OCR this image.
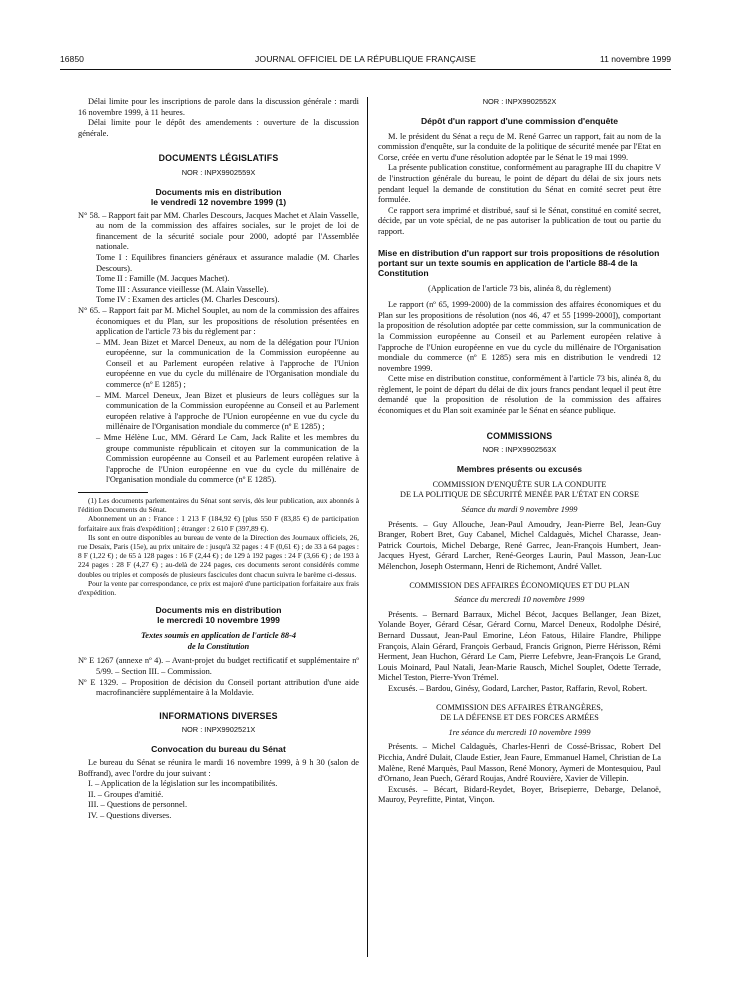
16850	JOURNAL OFFICIEL DE LA RÉPUBLIQUE FRANÇAISE	11 novembre 1999

Délai limite pour les inscriptions de parole dans la discussion générale : mardi 16 novembre 1999, à 11 heures.

Délai limite pour le dépôt des amendements : ouverture de la discussion générale.

DOCUMENTS LÉGISLATIFS
NOR : INPX9902559X
Documents mis en distribution
le vendredi 12 novembre 1999 (1)

N° 58. – Rapport fait par MM. Charles Descours, Jacques Machet et Alain Vasselle, au nom de la commission des affaires sociales, sur le projet de loi de financement de la sécurité sociale pour 2000, adopté par l'Assemblée nationale.

Tome I : Equilibres financiers généraux et assurance maladie (M. Charles Descours).

Tome II : Famille (M. Jacques Machet).

Tome III : Assurance vieillesse (M. Alain Vasselle).

Tome IV : Examen des articles (M. Charles Descours).

N° 65. – Rapport fait par M. Michel Souplet, au nom de la commission des affaires économiques et du Plan, sur les propositions de résolution présentées en application de l'article 73 bis du règlement par :

– MM. Jean Bizet et Marcel Deneux, au nom de la délégation pour l'Union européenne, sur la communication de la Commission européenne au Conseil et au Parlement européen relative à l'approche de l'Union européenne en vue du cycle du millénaire de l'Organisation mondiale du commerce (nº E 1285) ;

– MM. Marcel Deneux, Jean Bizet et plusieurs de leurs collègues sur la communication de la Commission européenne au Conseil et au Parlement européen relative à l'approche de l'Union européenne en vue du cycle du millénaire de l'Organisation mondiale du commerce (nº E 1285) ;

– Mme Hélène Luc, MM. Gérard Le Cam, Jack Ralite et les membres du groupe communiste républicain et citoyen sur la communication de la Commission européenne au Conseil et au Parlement européen relative à l'approche de l'Union européenne en vue du cycle du millénaire de l'Organisation mondiale du commerce (nº E 1285).

(1) Les documents parlementaires du Sénat sont servis, dès leur publication, aux abonnés à l'édition Documents du Sénat.

Abonnement un an : France : 1 213 F (184,92 €) [plus 550 F (83,85 €) de participation forfaitaire aux frais d'expédition] ; étranger : 2 610 F (397,89 €).

Ils sont en outre disponibles au bureau de vente de la Direction des Journaux officiels, 26, rue Desaix, Paris (15e), au prix unitaire de : jusqu'à 32 pages : 4 F (0,61 €) ; de 33 à 64 pages : 8 F (1,22 €) ; de 65 à 128 pages : 16 F (2,44 €) ; de 129 à 192 pages : 24 F (3,66 €) ; de 193 à 224 pages : 28 F (4,27 €) ; au-delà de 224 pages, ces documents seront considérés comme doubles ou triples et composés de plusieurs fascicules dont chacun suivra le barème ci-dessus.

Pour la vente par correspondance, ce prix est majoré d'une participation forfaitaire aux frais d'expédition.

Documents mis en distribution
le mercredi 10 novembre 1999
Textes soumis en application de l'article 88-4
de la Constitution

Nº E 1267 (annexe nº 4). – Avant-projet du budget rectificatif et supplémentaire nº 5/99. – Section III. – Commission.

Nº E 1329. – Proposition de décision du Conseil portant attribution d'une aide macrofinancière supplémentaire à la Moldavie.

INFORMATIONS DIVERSES
NOR : INPX9902521X
Convocation du bureau du Sénat

Le bureau du Sénat se réunira le mardi 16 novembre 1999, à 9 h 30 (salon de Boffrand), avec l'ordre du jour suivant :

I. – Application de la législation sur les incompatibilités.

II. – Groupes d'amitié.

III. – Questions de personnel.

IV. – Questions diverses.

NOR : INPX9902552X
Dépôt d'un rapport d'une commission d'enquête

M. le président du Sénat a reçu de M. René Garrec un rapport, fait au nom de la commission d'enquête, sur la conduite de la politique de sécurité menée par l'Etat en Corse, créée en vertu d'une résolution adoptée par le Sénat le 19 mai 1999.

La présente publication constitue, conformément au paragraphe III du chapitre V de l'instruction générale du bureau, le point de départ du délai de six jours nets pendant lequel la demande de constitution du Sénat en comité secret peut être formulée.

Ce rapport sera imprimé et distribué, sauf si le Sénat, constitué en comité secret, décide, par un vote spécial, de ne pas autoriser la publication de tout ou partie du rapport.

Mise en distribution d'un rapport sur trois propositions de résolution portant sur un texte soumis en application de l'article 88-4 de la Constitution
(Application de l'article 73 bis, alinéa 8, du règlement)

Le rapport (nº 65, 1999-2000) de la commission des affaires économiques et du Plan sur les propositions de résolution (nos 46, 47 et 55 [1999-2000]), comportant la proposition de résolution adoptée par cette commission, sur la communication de la Commission européenne au Conseil et au Parlement européen relative à l'approche de l'Union européenne en vue du cycle du millénaire de l'Organisation mondiale du commerce (nº E 1285) sera mis en distribution le vendredi 12 novembre 1999.

Cette mise en distribution constitue, conformément à l'article 73 bis, alinéa 8, du règlement, le point de départ du délai de dix jours francs pendant lequel il peut être demandé que la proposition de résolution de la commission des affaires économiques et du Plan soit examinée par le Sénat en séance publique.

COMMISSIONS
NOR : INPX9902563X
Membres présents ou excusés
COMMISSION D'ENQUÊTE SUR LA CONDUITE
DE LA POLITIQUE DE SÉCURITÉ MENÉE PAR L'ÉTAT EN CORSE
Séance du mardi 9 novembre 1999

Présents. – Guy Allouche, Jean-Paul Amoudry, Jean-Pierre Bel, Jean-Guy Branger, Robert Bret, Guy Cabanel, Michel Caldaguès, Michel Charasse, Jean-Patrick Courtois, Michel Debarge, René Garrec, Jean-François Humbert, Jean-Jacques Hyest, Gérard Larcher, René-Georges Laurin, Paul Masson, Jean-Luc Mélenchon, Joseph Ostermann, Henri de Richemont, André Vallet.

COMMISSION DES AFFAIRES ÉCONOMIQUES ET DU PLAN
Séance du mercredi 10 novembre 1999

Présents. – Bernard Barraux, Michel Bécot, Jacques Bellanger, Jean Bizet, Yolande Boyer, Gérard César, Gérard Cornu, Marcel Deneux, Rodolphe Désiré, Bernard Dussaut, Jean-Paul Emorine, Léon Fatous, Hilaire Flandre, Philippe François, Alain Gérard, François Gerbaud, Francis Grignon, Pierre Hérisson, Rémi Herment, Jean Huchon, Gérard Le Cam, Pierre Lefebvre, Jean-François Le Grand, Louis Moinard, Paul Natali, Jean-Marie Rausch, Michel Souplet, Odette Terrade, Michel Teston, Pierre-Yvon Trémel.

Excusés. – Bardou, Ginésy, Godard, Larcher, Pastor, Raffarin, Revol, Robert.

COMMISSION DES AFFAIRES ÉTRANGÈRES,
DE LA DÉFENSE ET DES FORCES ARMÉES
1re séance du mercredi 10 novembre 1999

Présents. – Michel Caldaguès, Charles-Henri de Cossé-Brissac, Robert Del Picchia, André Dulait, Claude Estier, Jean Faure, Emmanuel Hamel, Christian de La Malène, René Marquès, Paul Masson, René Monory, Aymeri de Montesquiou, Paul d'Ornano, Jean Puech, Gérard Roujas, André Rouvière, Xavier de Villepin.

Excusés. – Bécart, Bidard-Reydet, Boyer, Brisepierre, Debarge, Delanoë, Mauroy, Peyrefitte, Pintat, Vinçon.
